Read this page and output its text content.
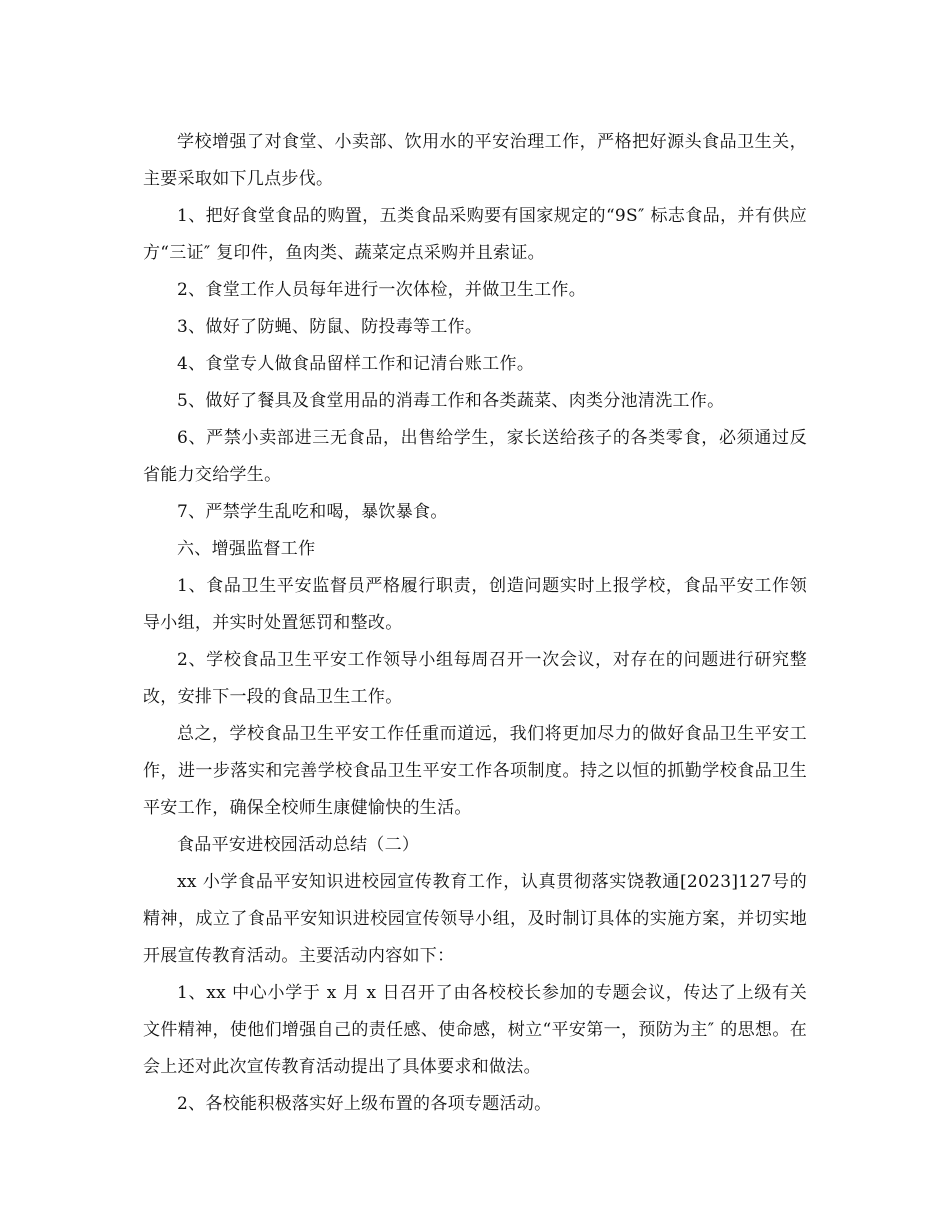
学校增强了对食堂、小卖部、饮用水的平安治理工作，严格把好源头食品卫生关，主要采取如下几点步伐。

1、把好食堂食品的购置，五类食品采购要有国家规定的“9S″ 标志食品，并有供应方“三证″ 复印件，鱼肉类、蔬菜定点采购并且索证。

2、食堂工作人员每年进行一次体检，并做卫生工作。

3、做好了防蝇、防鼠、防投毒等工作。

4、食堂专人做食品留样工作和记清台账工作。

5、做好了餐具及食堂用品的消毒工作和各类蔬菜、肉类分池清洗工作。

6、严禁小卖部进三无食品，出售给学生，家长送给孩子的各类零食，必须通过反省能力交给学生。

7、严禁学生乱吃和喝，暴饮暴食。

六、增强监督工作

1、食品卫生平安监督员严格履行职责，创造问题实时上报学校，食品平安工作领导小组，并实时处置惩罚和整改。

2、学校食品卫生平安工作领导小组每周召开一次会议，对存在的问题进行研究整改，安排下一段的食品卫生工作。

总之，学校食品卫生平安工作任重而道远，我们将更加尽力的做好食品卫生平安工作，进一步落实和完善学校食品卫生平安工作各项制度。持之以恒的抓勤学校食品卫生平安工作，确保全校师生康健愉快的生活。

食品平安进校园活动总结（二）

xx 小学食品平安知识进校园宣传教育工作，认真贯彻落实饶教通[2023]127号的精神，成立了食品平安知识进校园宣传领导小组，及时制订具体的实施方案，并切实地开展宣传教育活动。主要活动内容如下：

1、xx 中心小学于 x 月 x 日召开了由各校校长参加的专题会议，传达了上级有关文件精神，使他们增强自己的责任感、使命感，树立“平安第一，预防为主″ 的思想。在会上还对此次宣传教育活动提出了具体要求和做法。

2、各校能积极落实好上级布置的各项专题活动。
